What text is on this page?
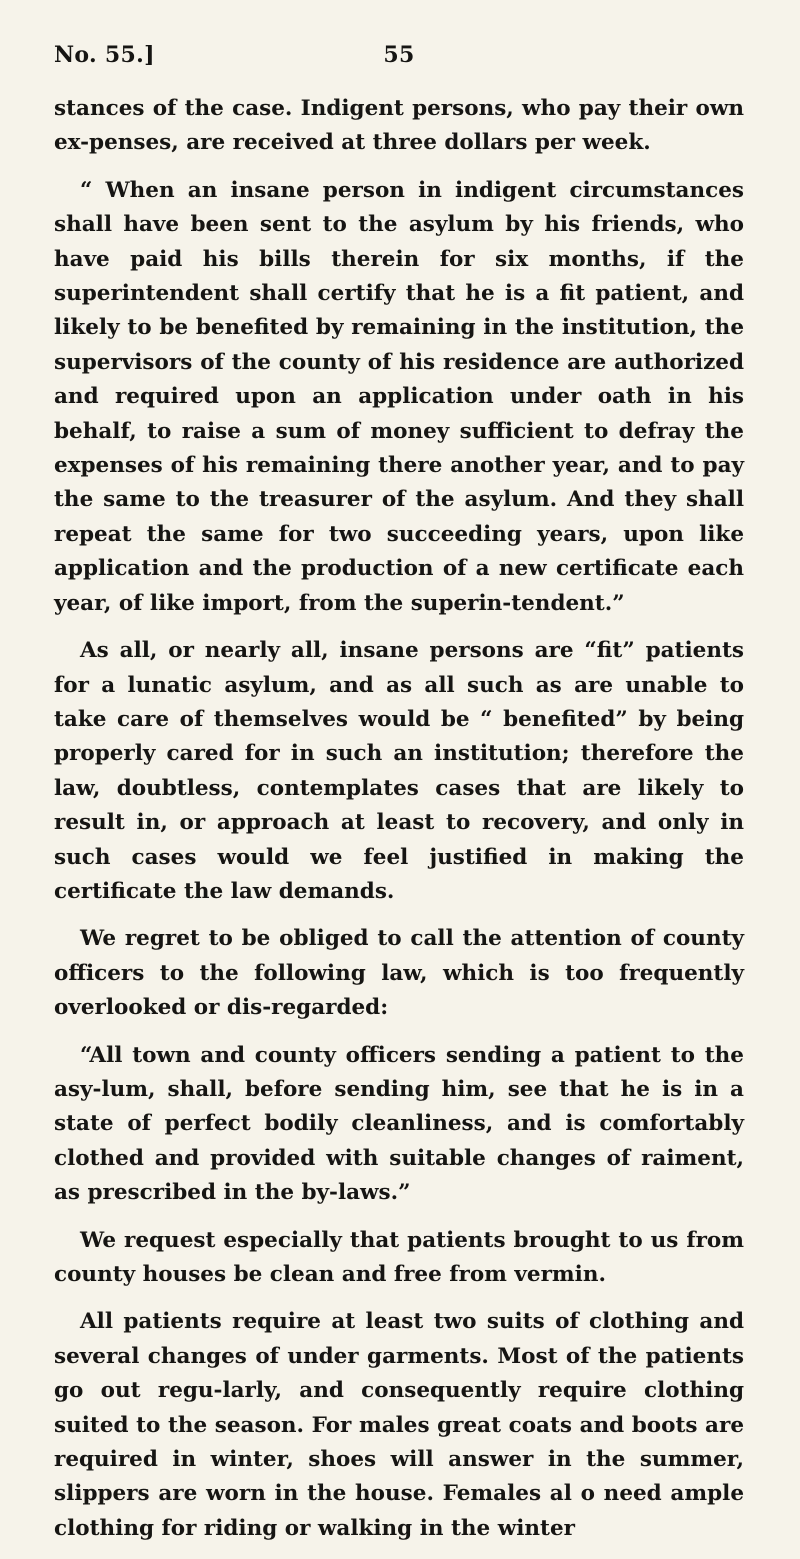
No. 55.]	55

stances of the case. Indigent persons, who pay their own ex-penses, are received at three dollars per week.

“ When an insane person in indigent circumstances shall have been sent to the asylum by his friends, who have paid his bills therein for six months, if the superintendent shall certify that he is a fit patient, and likely to be benefited by remaining in the institution, the supervisors of the county of his residence are authorized and required upon an application under oath in his behalf, to raise a sum of money sufficient to defray the expenses of his remaining there another year, and to pay the same to the treasurer of the asylum. And they shall repeat the same for two succeeding years, upon like application and the production of a new certificate each year, of like import, from the superin-tendent.”

As all, or nearly all, insane persons are “fit” patients for a lunatic asylum, and as all such as are unable to take care of themselves would be “ benefited” by being properly cared for in such an institution; therefore the law, doubtless, contemplates cases that are likely to result in, or approach at least to recovery, and only in such cases would we feel justified in making the certificate the law demands.

We regret to be obliged to call the attention of county officers to the following law, which is too frequently overlooked or dis-regarded:

“All town and county officers sending a patient to the asy-lum, shall, before sending him, see that he is in a state of perfect bodily cleanliness, and is comfortably clothed and provided with suitable changes of raiment, as prescribed in the by-laws.”

We request especially that patients brought to us from county houses be clean and free from vermin.

All patients require at least two suits of clothing and several changes of under garments. Most of the patients go out regu-larly, and consequently require clothing suited to the season. For males great coats and boots are required in winter, shoes will answer in the summer, slippers are worn in the house. Females al o need ample clothing for riding or walking in the winter
